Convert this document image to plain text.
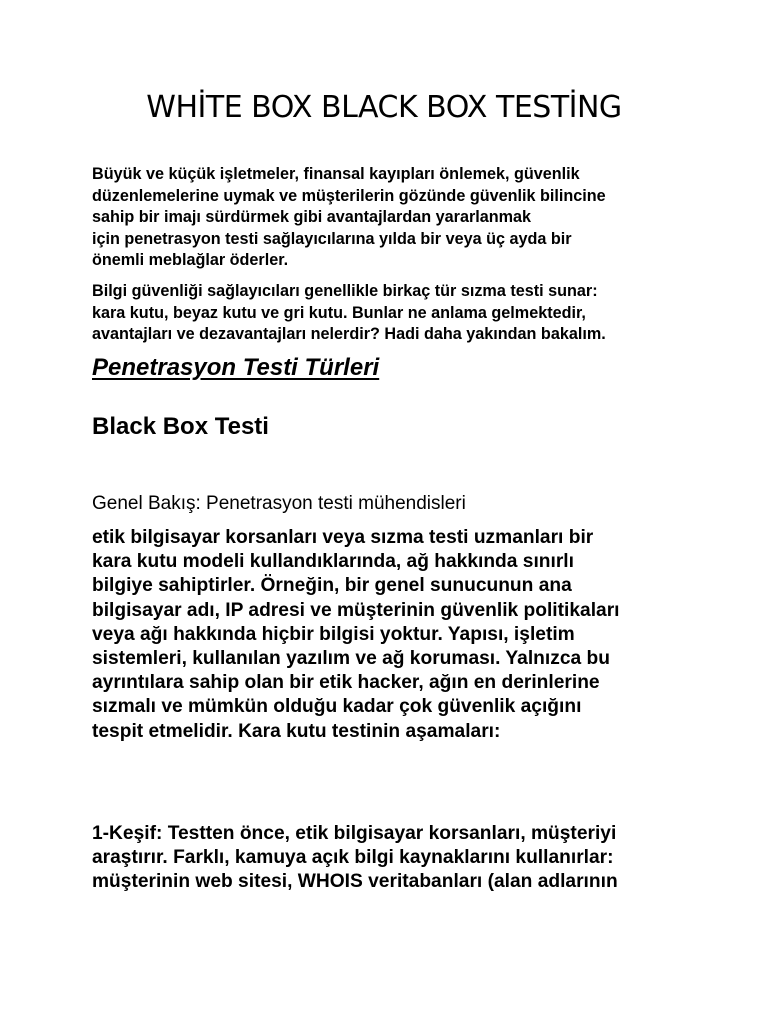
WHİTE BOX BLACK BOX TESTİNG

Büyük ve küçük işletmeler, finansal kayıpları önlemek, güvenlik
düzenlemelerine uymak ve müşterilerin gözünde güvenlik bilincine
sahip bir imajı sürdürmek gibi avantajlardan yararlanmak
için penetrasyon testi sağlayıcılarına yılda bir veya üç ayda bir
önemli meblağlar öderler.

Bilgi güvenliği sağlayıcıları genellikle birkaç tür sızma testi sunar:
kara kutu, beyaz kutu ve gri kutu. Bunlar ne anlama gelmektedir,
avantajları ve dezavantajları nelerdir? Hadi daha yakından bakalım.

Penetrasyon Testi Türleri
Black Box Testi

Genel Bakış: Penetrasyon testi mühendisleri

etik bilgisayar korsanları veya sızma testi uzmanları bir
kara kutu modeli kullandıklarında, ağ hakkında sınırlı
bilgiye sahiptirler. Örneğin, bir genel sunucunun ana
bilgisayar adı, IP adresi ve müşterinin güvenlik politikaları
veya ağı hakkında hiçbir bilgisi yoktur. Yapısı, işletim
sistemleri, kullanılan yazılım ve ağ koruması. Yalnızca bu
ayrıntılara sahip olan bir etik hacker, ağın en derinlerine
sızmalı ve mümkün olduğu kadar çok güvenlik açığını
tespit etmelidir. Kara kutu testinin aşamaları:

1-Keşif: Testten önce, etik bilgisayar korsanları, müşteriyi
araştırır. Farklı, kamuya açık bilgi kaynaklarını kullanırlar:
müşterinin web sitesi, WHOIS veritabanları (alan adlarının
